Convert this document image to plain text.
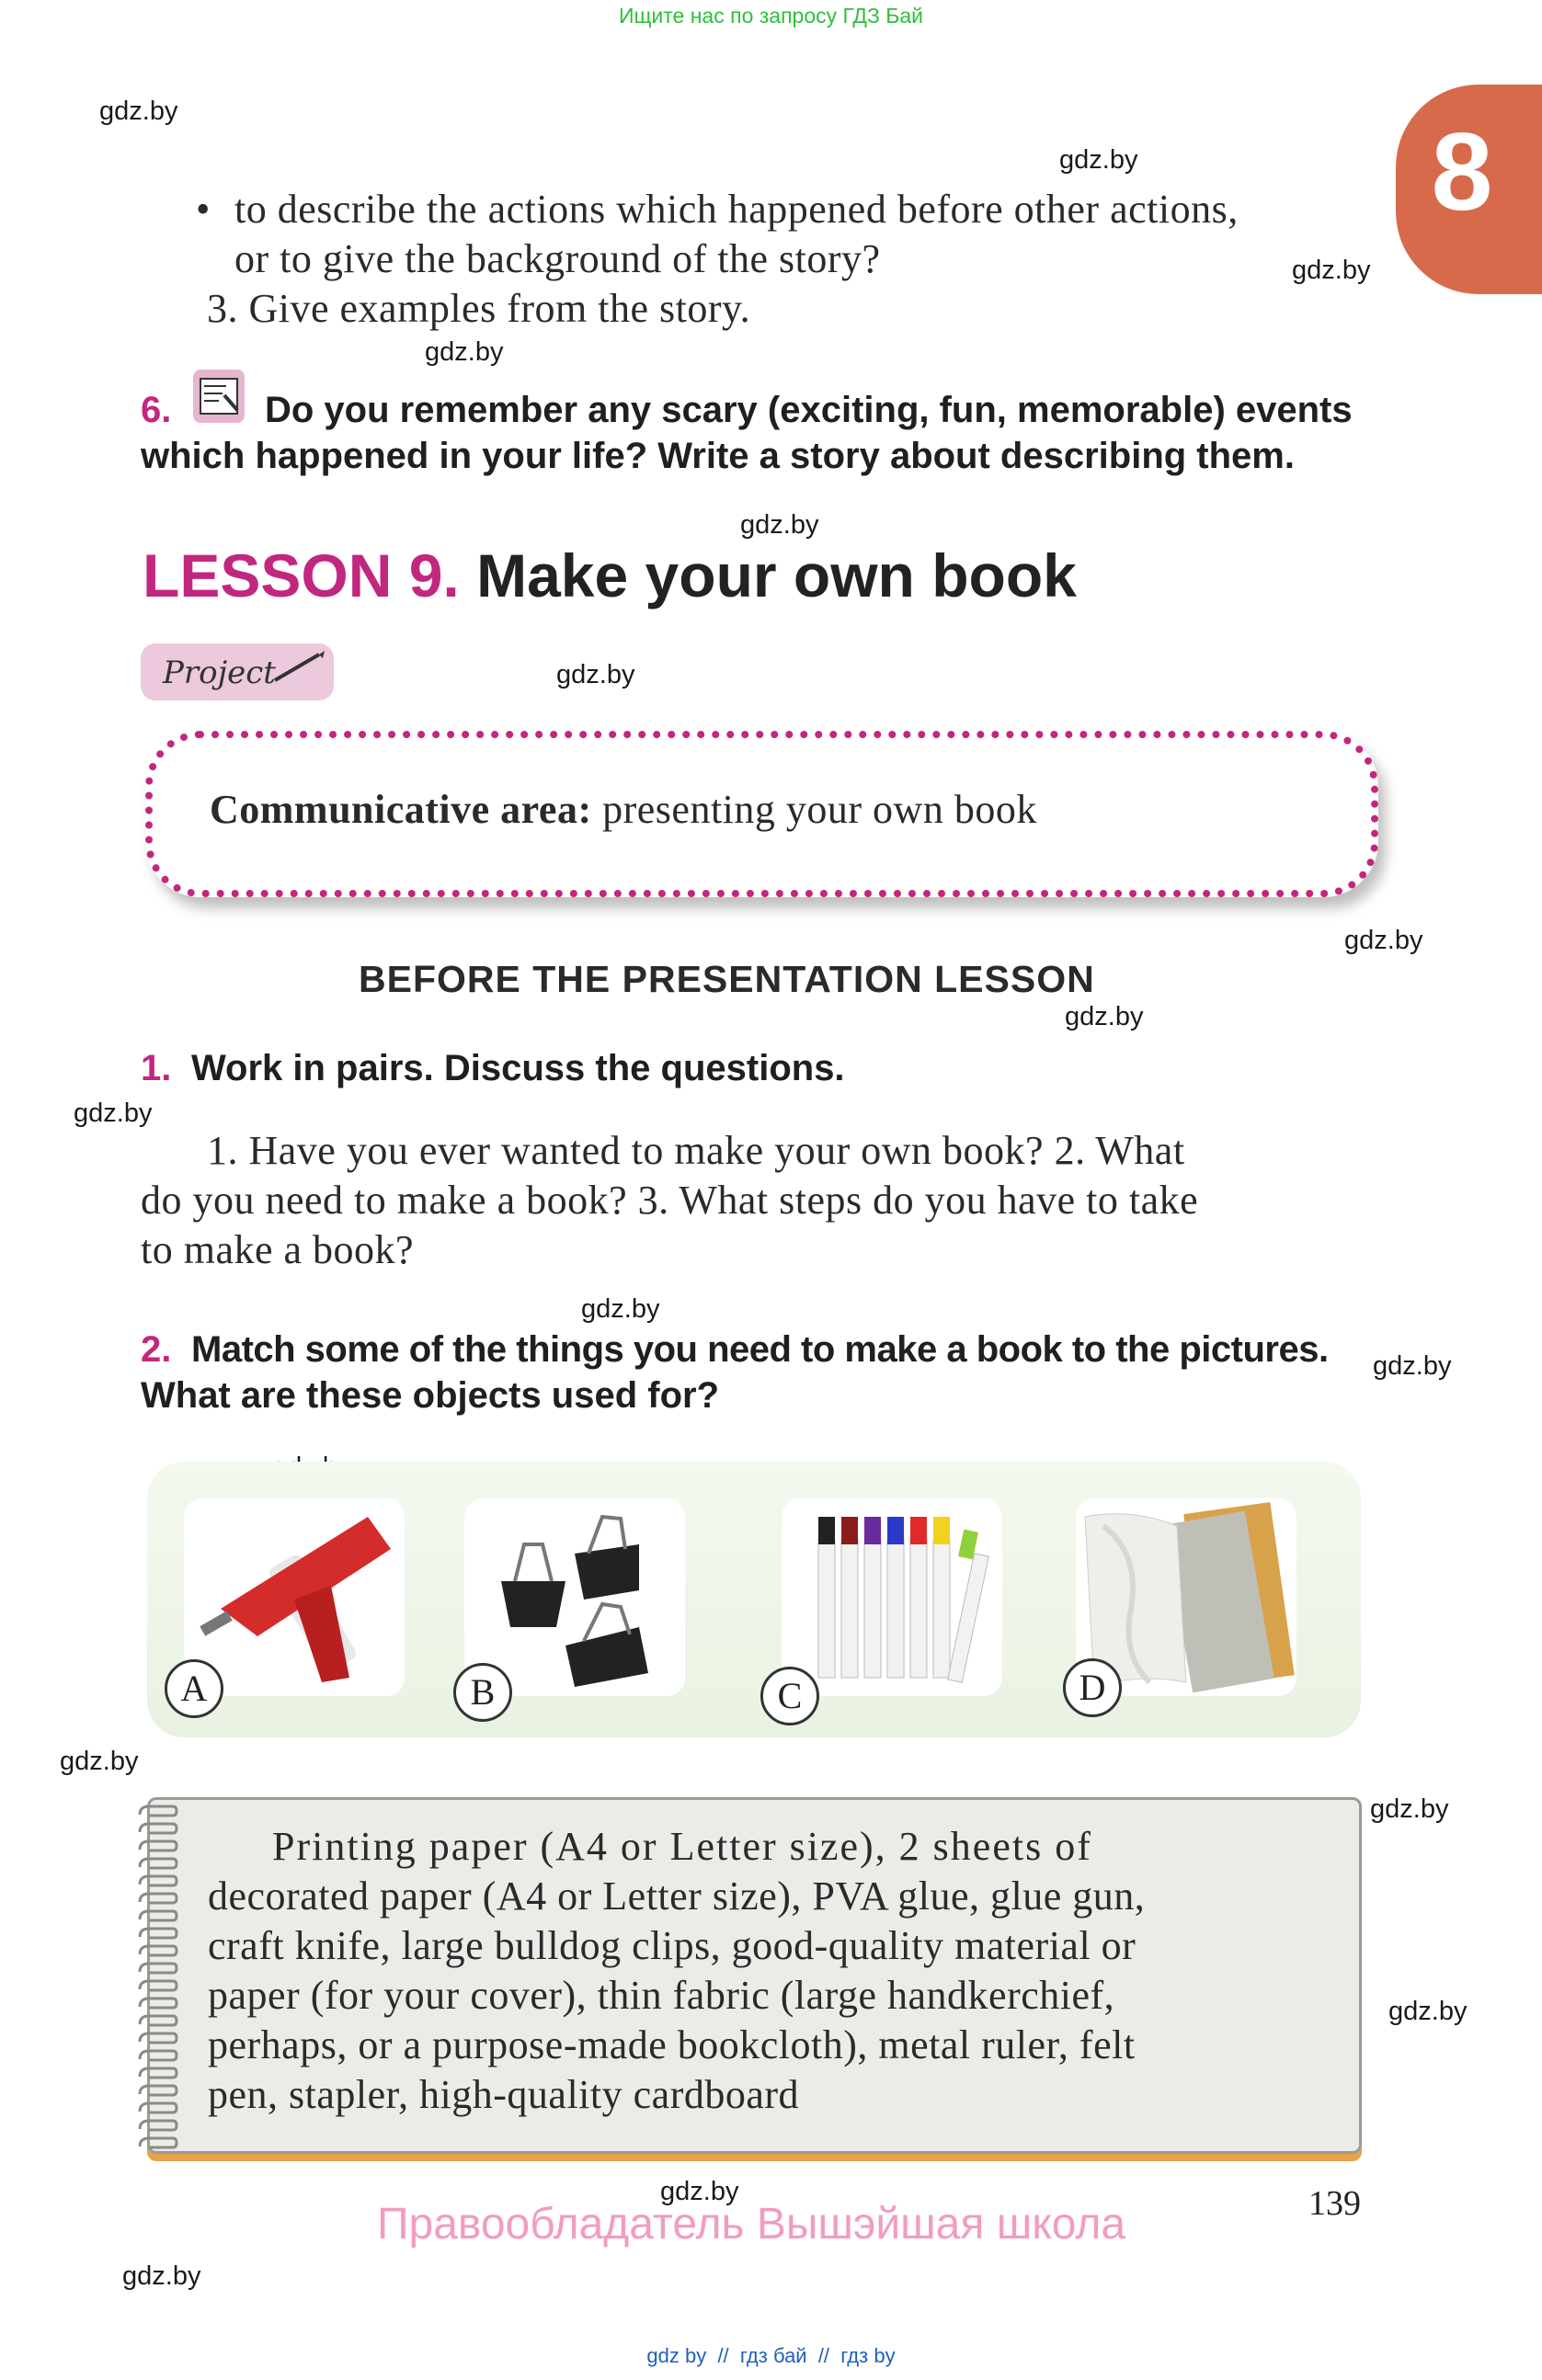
Ищите нас по запросу ГДЗ Бай
8
gdz.by
gdz.by
gdz.by
gdz.by
gdz.by
gdz.by
gdz.by
gdz.by
gdz.by
gdz.by
gdz.by
gdz.by
gdz.by
gdz.by
gdz.by
gdz.by
• to describe the actions which happened before other actions,
or to give the background of the story?
3. Give examples from the story.
6.	Do you remember any scary (exciting, fun, memorable) events
which happened in your life? Write a story about describing them.
LESSON 9. Make your own book
Project
Communicative area: presenting your own book
BEFORE THE PRESENTATION LESSON
1. Work in pairs. Discuss the questions.
1. Have you ever wanted to make your own book? 2. What
do you need to make a book? 3. What steps do you have to take
to make a book?
2. Match some of the things you need to make a book to the pictures.
What are these objects used for?
A	B	C	D
Printing paper (A4 or Letter size), 2 sheets of
decorated paper (A4 or Letter size), PVA glue, glue gun,
craft knife, large bulldog clips, good-quality material or
paper (for your cover), thin fabric (large handkerchief,
perhaps, or a purpose-made bookcloth), metal ruler, felt
pen, stapler, high-quality cardboard
139
Правообладатель Вышэйшая школа
gdz by  //  гдз бай  //  гдз by
